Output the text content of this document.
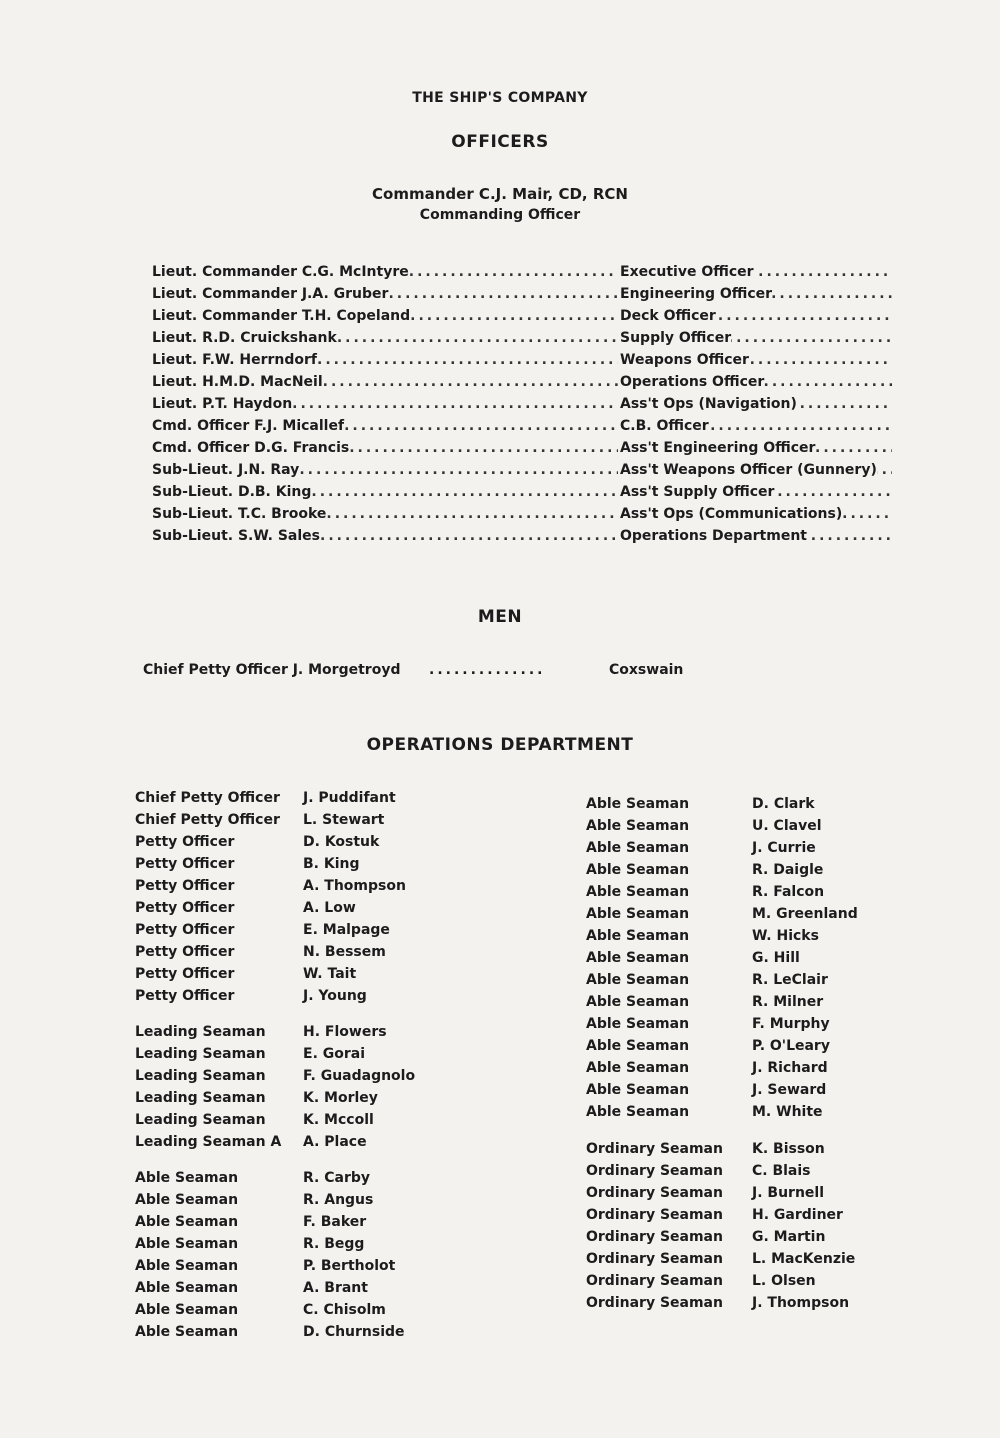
THE SHIP'S COMPANY
OFFICERS
Commander C.J. Mair, CD, RCN
Commanding Officer
Lieut. Commander C.G. McIntyre .....	Executive Officer
Lieut. Commander J.A. Gruber .....	Engineering Officer
Lieut. Commander T.H. Copeland .....	Deck Officer
Lieut. R.D. Cruickshank .....	Supply Officer
Lieut. F.W. Herrndorf .....	Weapons Officer
Lieut. H.M.D. MacNeil .....	Operations Officer
Lieut. P.T. Haydon .....	Ass't Ops (Navigation)
Cmd. Officer F.J. Micallef .....	C.B. Officer
Cmd. Officer D.G. Francis .....	Ass't Engineering Officer
Sub-Lieut. J.N. Ray .....	Ass't Weapons Officer (Gunnery)
Sub-Lieut. D.B. King .....	Ass't Supply Officer
Sub-Lieut. T.C. Brooke .....	Ass't Ops (Communications)
Sub-Lieut. S.W. Sales .....	Operations Department
MEN
Chief Petty Officer J. Morgetroyd ..............	Coxswain
OPERATIONS DEPARTMENT
Chief Petty Officer J. Puddifant
Chief Petty Officer L. Stewart
Petty Officer	D. Kostuk
Petty Officer	B. King
Petty Officer	A. Thompson
Petty Officer	A. Low
Petty Officer	E. Malpage
Petty Officer	N. Bessem
Petty Officer	W. Tait
Petty Officer	J. Young
Leading Seaman	H. Flowers
Leading Seaman	E. Gorai
Leading Seaman	F. Guadagnolo
Leading Seaman	K. Morley
Leading Seaman	K. Mccoll
Leading Seaman A A. Place
Able Seaman	R. Carby
Able Seaman	R. Angus
Able Seaman	F. Baker
Able Seaman	R. Begg
Able Seaman	P. Bertholot
Able Seaman	A. Brant
Able Seaman	C. Chisolm
Able Seaman	D. Churnside
Able Seaman	D. Clark
Able Seaman	U. Clavel
Able Seaman	J. Currie
Able Seaman	R. Daigle
Able Seaman	R. Falcon
Able Seaman	M. Greenland
Able Seaman	W. Hicks
Able Seaman	G. Hill
Able Seaman	R. LeClair
Able Seaman	R. Milner
Able Seaman	F. Murphy
Able Seaman	P. O'Leary
Able Seaman	J. Richard
Able Seaman	J. Seward
Able Seaman	M. White
Ordinary Seaman K. Bisson
Ordinary Seaman C. Blais
Ordinary Seaman J. Burnell
Ordinary Seaman H. Gardiner
Ordinary Seaman G. Martin
Ordinary Seaman L. MacKenzie
Ordinary Seaman L. Olsen
Ordinary Seaman J. Thompson
